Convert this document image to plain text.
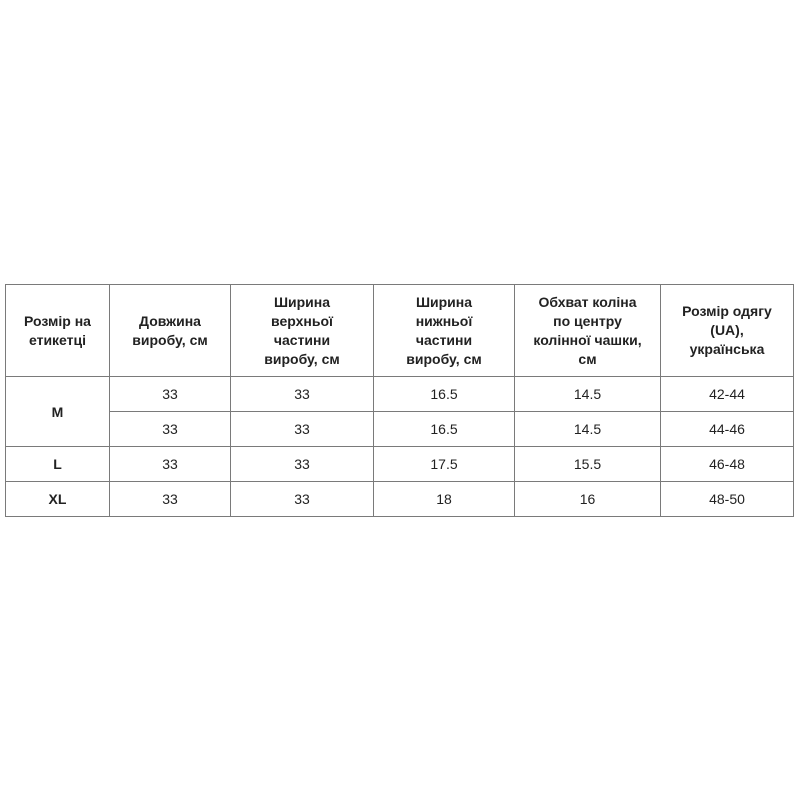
Розмір на
етикетці	Довжина
виробу, см	Ширина
верхньої
частини
виробу, см	Ширина
нижньої
частини
виробу, см	Обхват коліна
по центру
колінної чашки,
см	Розмір одягу
(UA),
українська

M	33	33	16.5	14.5	42-44
	33	33	16.5	14.5	44-46
L	33	33	17.5	15.5	46-48
XL	33	33	18	16	48-50
